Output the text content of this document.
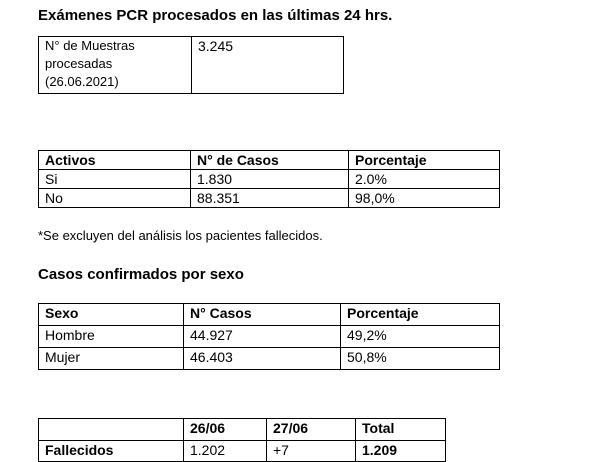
Exámenes PCR procesados en las últimas 24 hrs.
N° de Muestras
procesadas
(26.06.2021)
	3.245
Activos	N° de Casos	Porcentaje
Si	1.830	2.0%
No	88.351	98,0%
*Se excluyen del análisis los pacientes fallecidos.
Casos confirmados por sexo
Sexo	N° Casos	Porcentaje
Hombre	44.927	49,2%
Mujer	46.403	50,8%
	26/06	27/06	Total
Fallecidos	1.202	+7	1.209
